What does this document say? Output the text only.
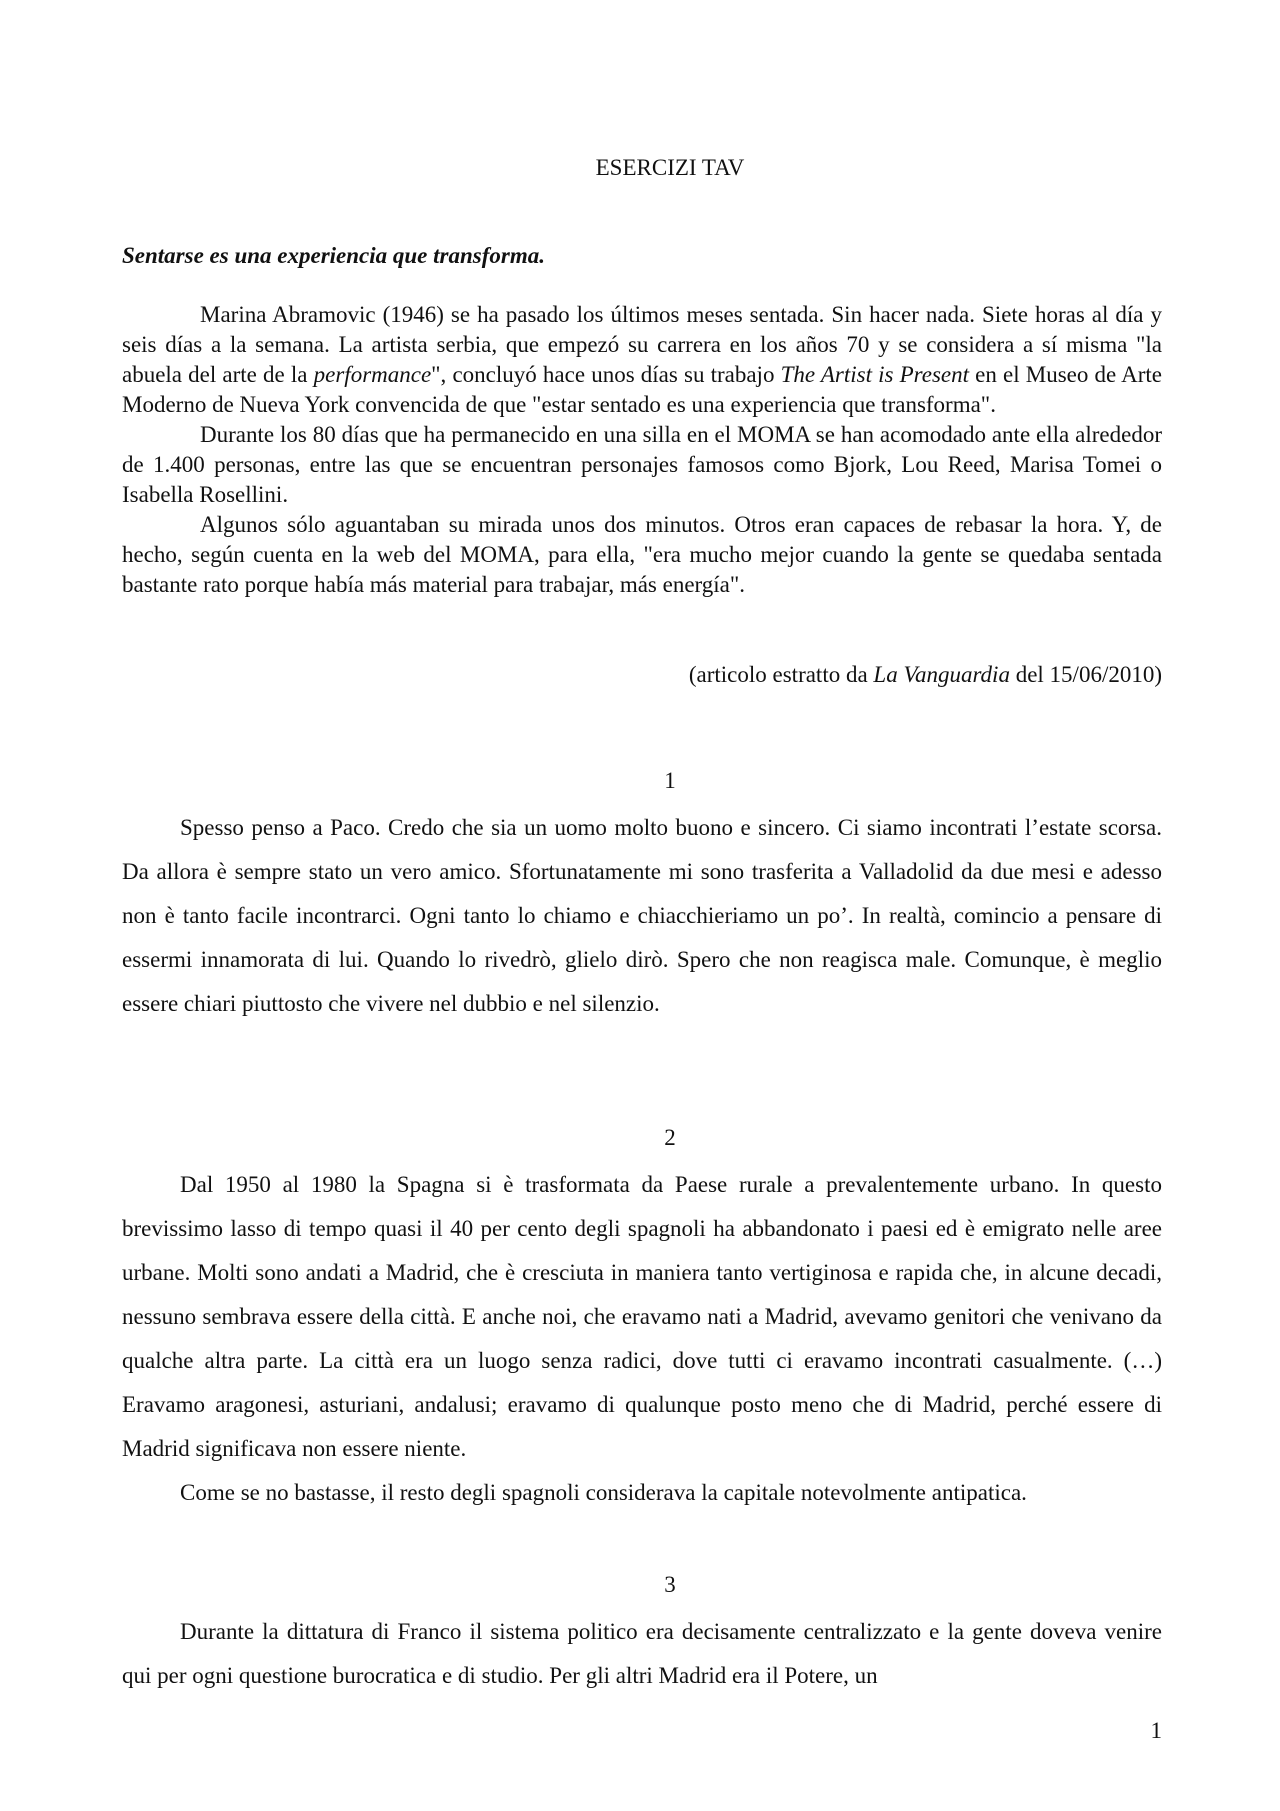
ESERCIZI TAV
Sentarse es una experiencia que transforma.

Marina Abramovic (1946) se ha pasado los últimos meses sentada. Sin hacer nada. Siete horas al día y seis días a la semana. La artista serbia, que empezó su carrera en los años 70 y se considera a sí misma "la abuela del arte de la performance", concluyó hace unos días su trabajo The Artist is Present en el Museo de Arte Moderno de Nueva York convencida de que "estar sentado es una experiencia que transforma".

Durante los 80 días que ha permanecido en una silla en el MOMA se han acomodado ante ella alrededor de 1.400 personas, entre las que se encuentran personajes famosos como Bjork, Lou Reed, Marisa Tomei o Isabella Rosellini.

Algunos sólo aguantaban su mirada unos dos minutos. Otros eran capaces de rebasar la hora. Y, de hecho, según cuenta en la web del MOMA, para ella, "era mucho mejor cuando la gente se quedaba sentada bastante rato porque había más material para trabajar, más energía".

(articolo estratto da La Vanguardia del 15/06/2010)
1

Spesso penso a Paco. Credo che sia un uomo molto buono e sincero. Ci siamo incontrati l’estate scorsa. Da allora è sempre stato un vero amico. Sfortunatamente mi sono trasferita a Valladolid da due mesi e adesso non è tanto facile incontrarci. Ogni tanto lo chiamo e chiacchieriamo un po’. In realtà, comincio a pensare di essermi innamorata di lui. Quando lo rivedrò, glielo dirò. Spero che non reagisca male. Comunque, è meglio essere chiari piuttosto che vivere nel dubbio e nel silenzio.

2

Dal 1950 al 1980 la Spagna si è trasformata da Paese rurale a prevalentemente urbano. In questo brevissimo lasso di tempo quasi il 40 per cento degli spagnoli ha abbandonato i paesi ed è emigrato nelle aree urbane. Molti sono andati a Madrid, che è cresciuta in maniera tanto vertiginosa e rapida che, in alcune decadi, nessuno sembrava essere della città. E anche noi, che eravamo nati a Madrid, avevamo genitori che venivano da qualche altra parte. La città era un luogo senza radici, dove tutti ci eravamo incontrati casualmente. (…) Eravamo aragonesi, asturiani, andalusi; eravamo di qualunque posto meno che di Madrid, perché essere di Madrid significava non essere niente.

Come se no bastasse, il resto degli spagnoli considerava la capitale notevolmente antipatica.

3

Durante la dittatura di Franco il sistema politico era decisamente centralizzato e la gente doveva venire qui per ogni questione burocratica e di studio. Per gli altri Madrid era il Potere, un

1
